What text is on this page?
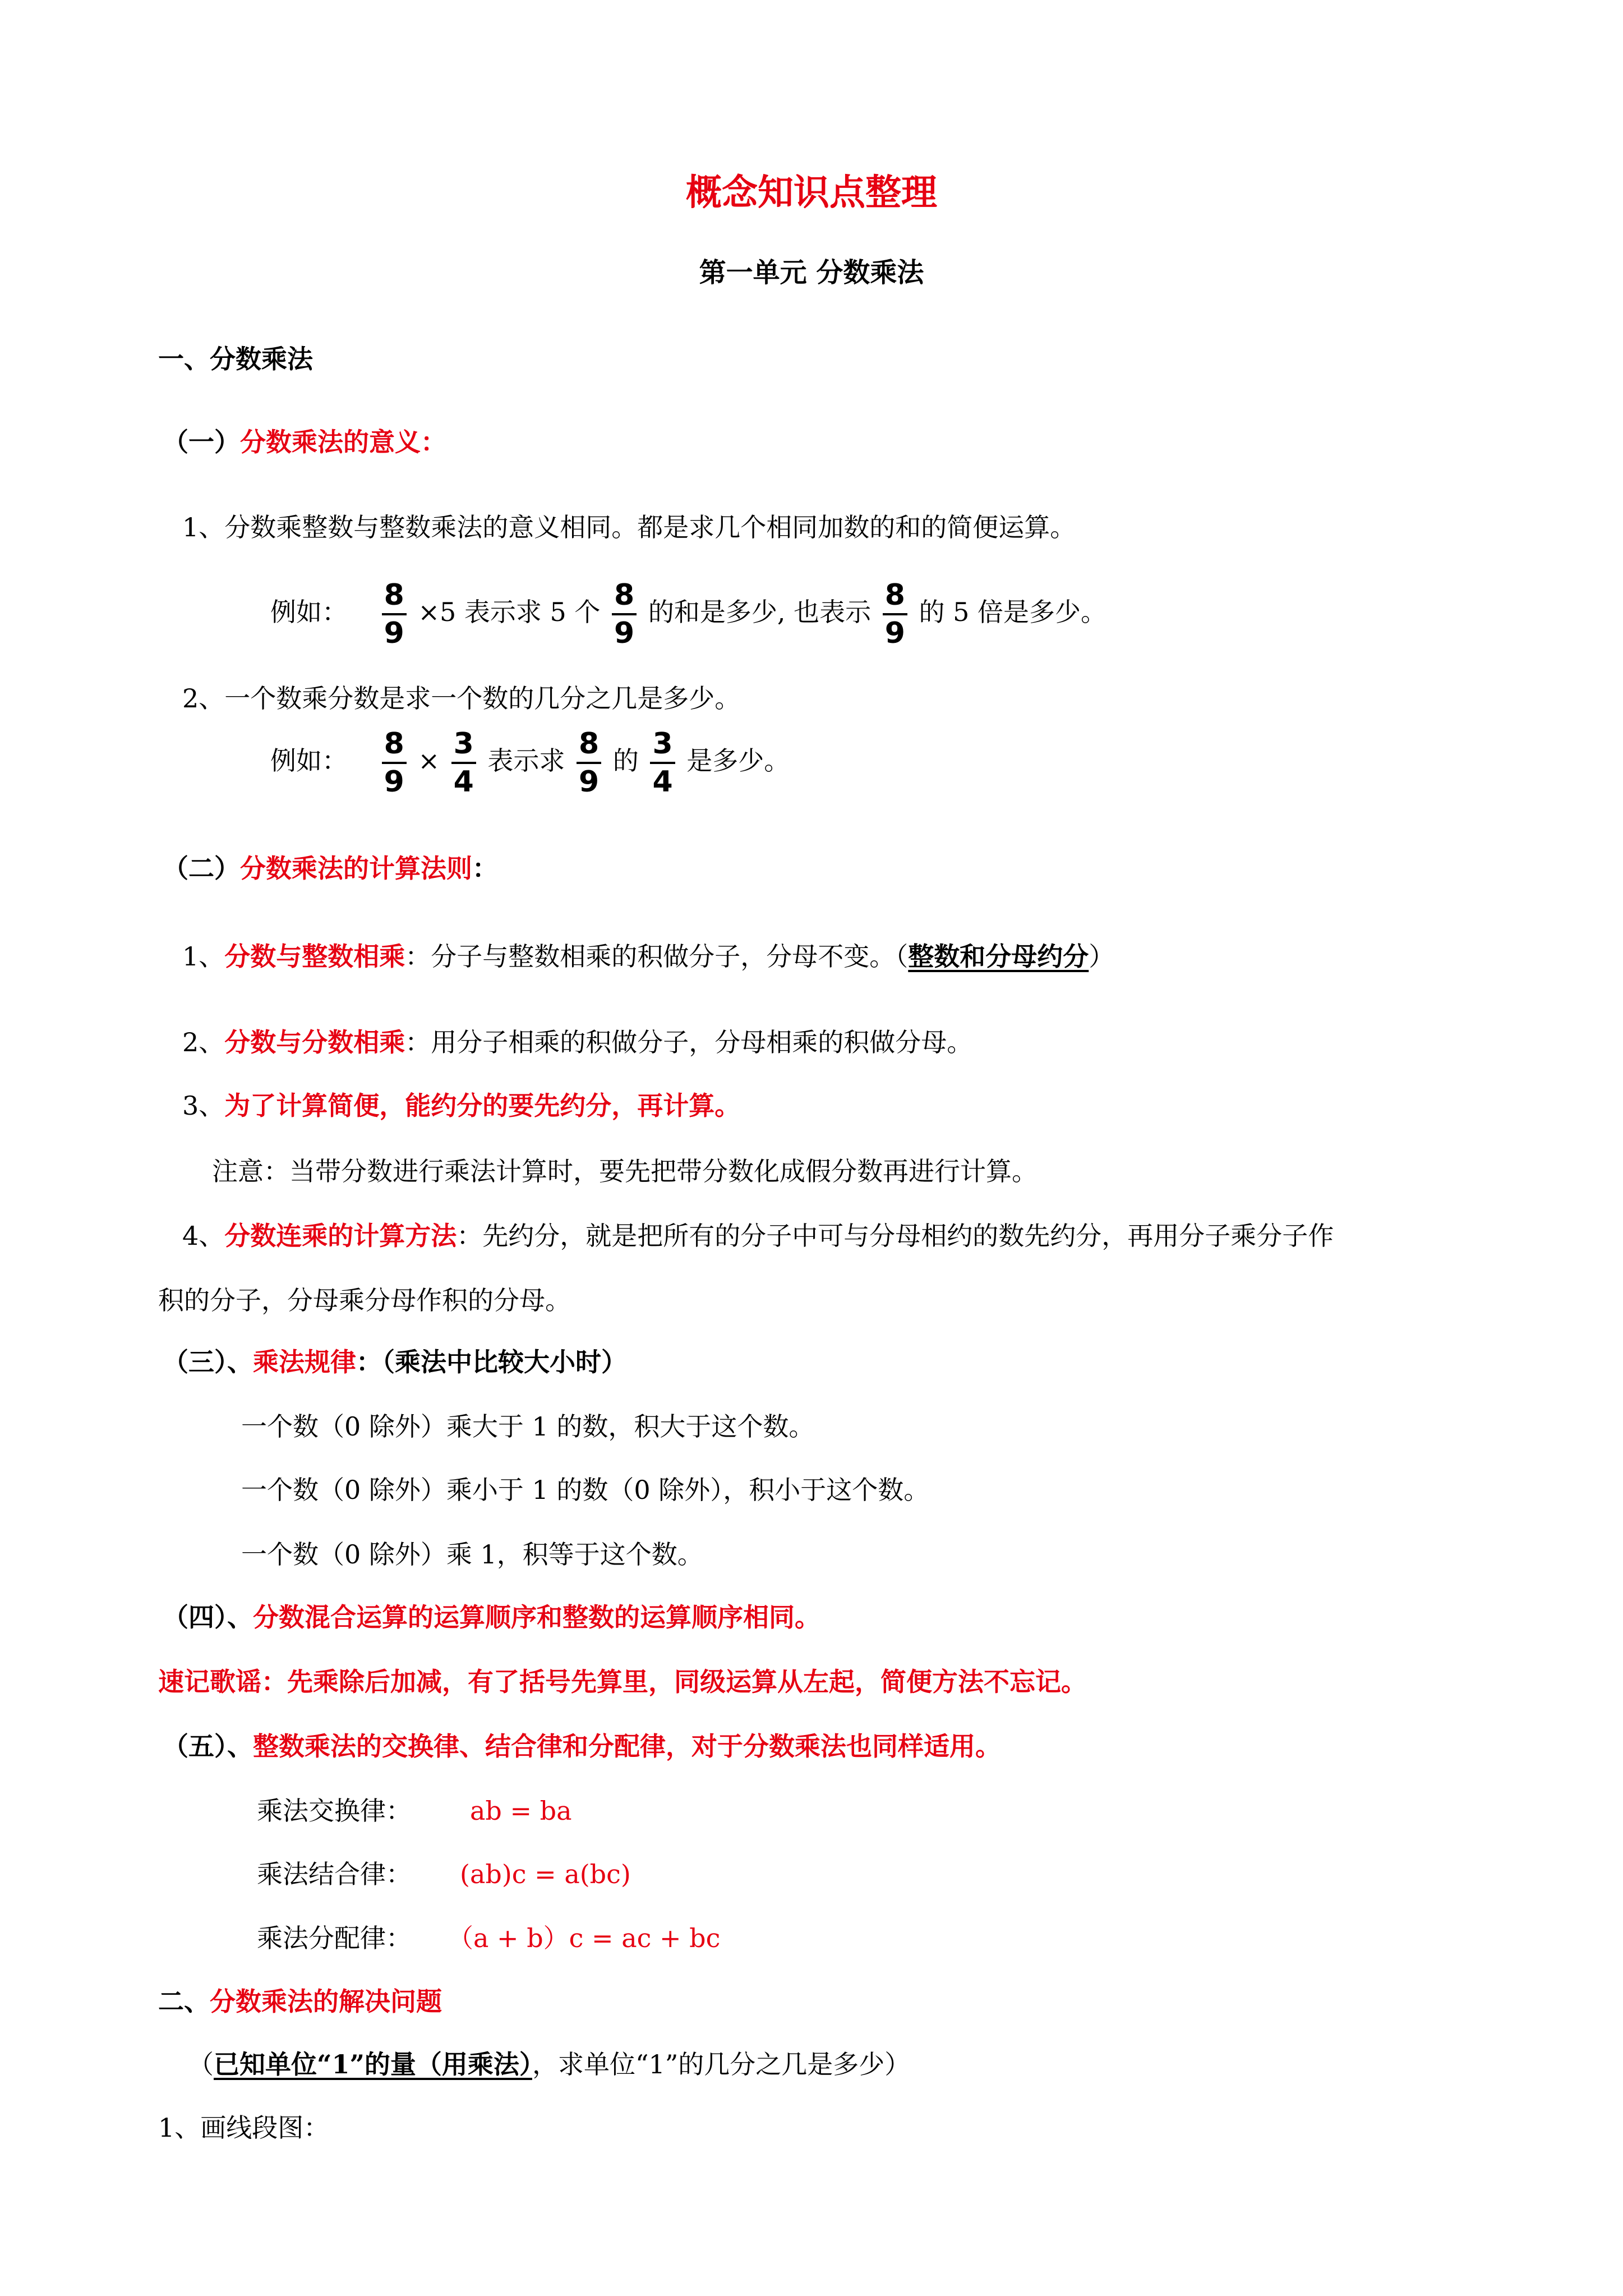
概念知识点整理
第一单元 分数乘法
一、分数乘法
（一）分数乘法的意义：
1、分数乘整数与整数乘法的意义相同。都是求几个相同加数的和的简便运算。
例如： $\frac{8}{9} \times 5$ 表示求 5 个 $\frac{8}{9}$ 的和是多少, 也表示 $\frac{8}{9}$ 的 5 倍是多少。
2、一个数乘分数是求一个数的几分之几是多少。
例如： $\frac{8}{9} \times \frac{3}{4}$ 表示求 $\frac{8}{9}$ 的 $\frac{3}{4}$ 是多少。
（二）分数乘法的计算法则：
1、分数与整数相乘：分子与整数相乘的积做分子，分母不变。（整数和分母约分）
2、分数与分数相乘：用分子相乘的积做分子，分母相乘的积做分母。
3、为了计算简便，能约分的要先约分，再计算。
注意：当带分数进行乘法计算时，要先把带分数化成假分数再进行计算。
4、分数连乘的计算方法：先约分，就是把所有的分子中可与分母相约的数先约分，再用分子乘分子作
积的分子，分母乘分母作积的分母。
（三）、乘法规律：（乘法中比较大小时）
一个数（0 除外）乘大于 1 的数，积大于这个数。
一个数（0 除外）乘小于 1 的数（0 除外），积小于这个数。
一个数（0 除外）乘 1，积等于这个数。
（四）、分数混合运算的运算顺序和整数的运算顺序相同。
速记歌谣：先乘除后加减，有了括号先算里，同级运算从左起，简便方法不忘记。
（五）、整数乘法的交换律、结合律和分配律，对于分数乘法也同样适用。
乘法交换律： ab = ba
乘法结合律： (ab)c = a(bc)
乘法分配律： （a + b）c = ac + bc
二、分数乘法的解决问题
（已知单位“1”的量（用乘法），求单位“1”的几分之几是多少）
1、画线段图：
